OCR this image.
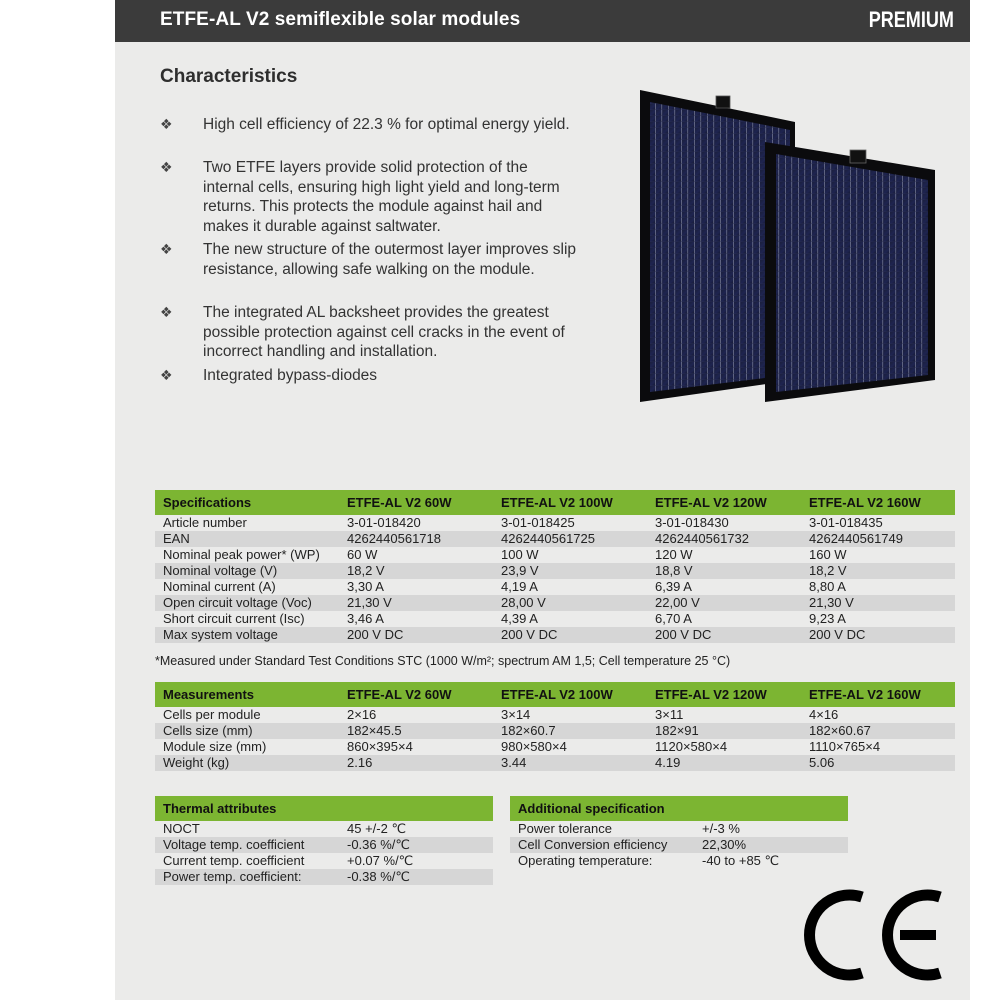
ETFE-AL V2 semiflexible solar modules	PREMIUM
Characteristics
❖ High cell efficiency of 22.3 % for optimal energy yield.
❖ Two ETFE layers provide solid protection of the internal cells, ensuring high light yield and long-term returns. This protects the module against hail and makes it durable against saltwater.
❖ The new structure of the outermost layer improves slip resistance, allowing safe walking on the module.
❖ The integrated AL backsheet provides the greatest possible protection against cell cracks in the event of incorrect handling and installation.
❖ Integrated bypass-diodes
Specifications	ETFE-AL V2 60W	ETFE-AL V2 100W	ETFE-AL V2 120W	ETFE-AL V2 160W
Article number	3-01-018420	3-01-018425	3-01-018430	3-01-018435
EAN	4262440561718	4262440561725	4262440561732	4262440561749
Nominal peak power* (WP)	60 W	100 W	120 W	160 W
Nominal voltage (V)	18,2 V	23,9 V	18,8 V	18,2 V
Nominal current (A)	3,30 A	4,19 A	6,39 A	8,80 A
Open circuit voltage (Voc)	21,30 V	28,00 V	22,00 V	21,30 V
Short circuit current (Isc)	3,46 A	4,39 A	6,70 A	9,23 A
Max system voltage	200 V DC	200 V DC	200 V DC	200 V DC
*Measured under Standard Test Conditions STC (1000 W/m²; spectrum AM 1,5; Cell temperature 25 °C)
Measurements	ETFE-AL V2 60W	ETFE-AL V2 100W	ETFE-AL V2 120W	ETFE-AL V2 160W
Cells per module	2×16	3×14	3×11	4×16
Cells size (mm)	182×45.5	182×60.7	182×91	182×60.67
Module size (mm)	860×395×4	980×580×4	1120×580×4	1110×765×4
Weight (kg)	2.16	3.44	4.19	5.06
Thermal attributes	
NOCT	45 +/-2 ℃
Voltage temp. coefficient	-0.36 %/℃
Current temp. coefficient	+0.07 %/℃
Power temp. coefficient:	-0.38 %/℃
Additional specification	
Power tolerance	+/-3 %
Cell Conversion efficiency	22,30%
Operating temperature:	-40 to +85 ℃
